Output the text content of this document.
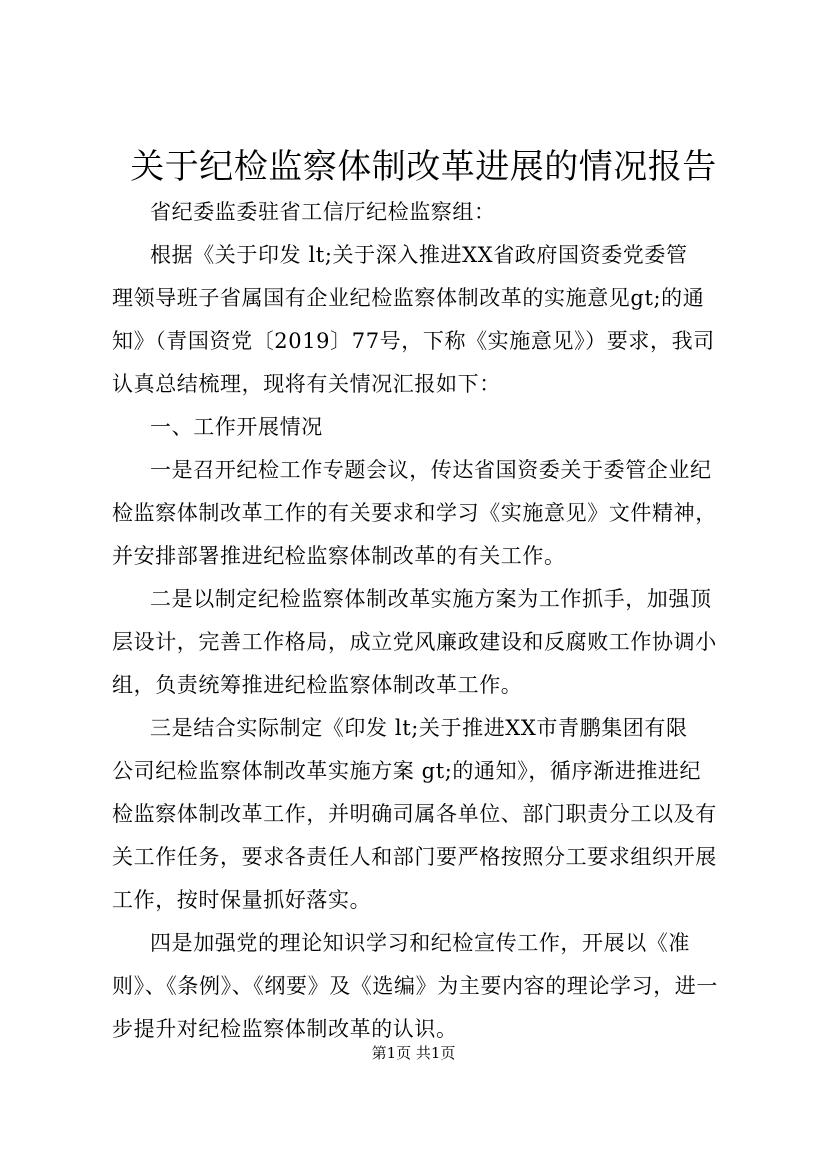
关于纪检监察体制改革进展的情况报告
省纪委监委驻省工信厅纪检监察组：
根据《关于印发 lt;关于深入推进XX省政府国资委党委管
理领导班子省属国有企业纪检监察体制改革的实施意见gt;的通
知》（青国资党〔2019〕77号，下称《实施意见》）要求，我司
认真总结梳理，现将有关情况汇报如下：
一、工作开展情况
一是召开纪检工作专题会议，传达省国资委关于委管企业纪
检监察体制改革工作的有关要求和学习《实施意见》文件精神，
并安排部署推进纪检监察体制改革的有关工作。
二是以制定纪检监察体制改革实施方案为工作抓手，加强顶
层设计，完善工作格局，成立党风廉政建设和反腐败工作协调小
组，负责统筹推进纪检监察体制改革工作。
三是结合实际制定《印发 lt;关于推进XX市青鹏集团有限
公司纪检监察体制改革实施方案 gt;的通知》，循序渐进推进纪
检监察体制改革工作，并明确司属各单位、部门职责分工以及有
关工作任务，要求各责任人和部门要严格按照分工要求组织开展
工作，按时保量抓好落实。
四是加强党的理论知识学习和纪检宣传工作，开展以《准
则》、《条例》、《纲要》及《选编》为主要内容的理论学习，进一
步提升对纪检监察体制改革的认识。
第1页 共1页
